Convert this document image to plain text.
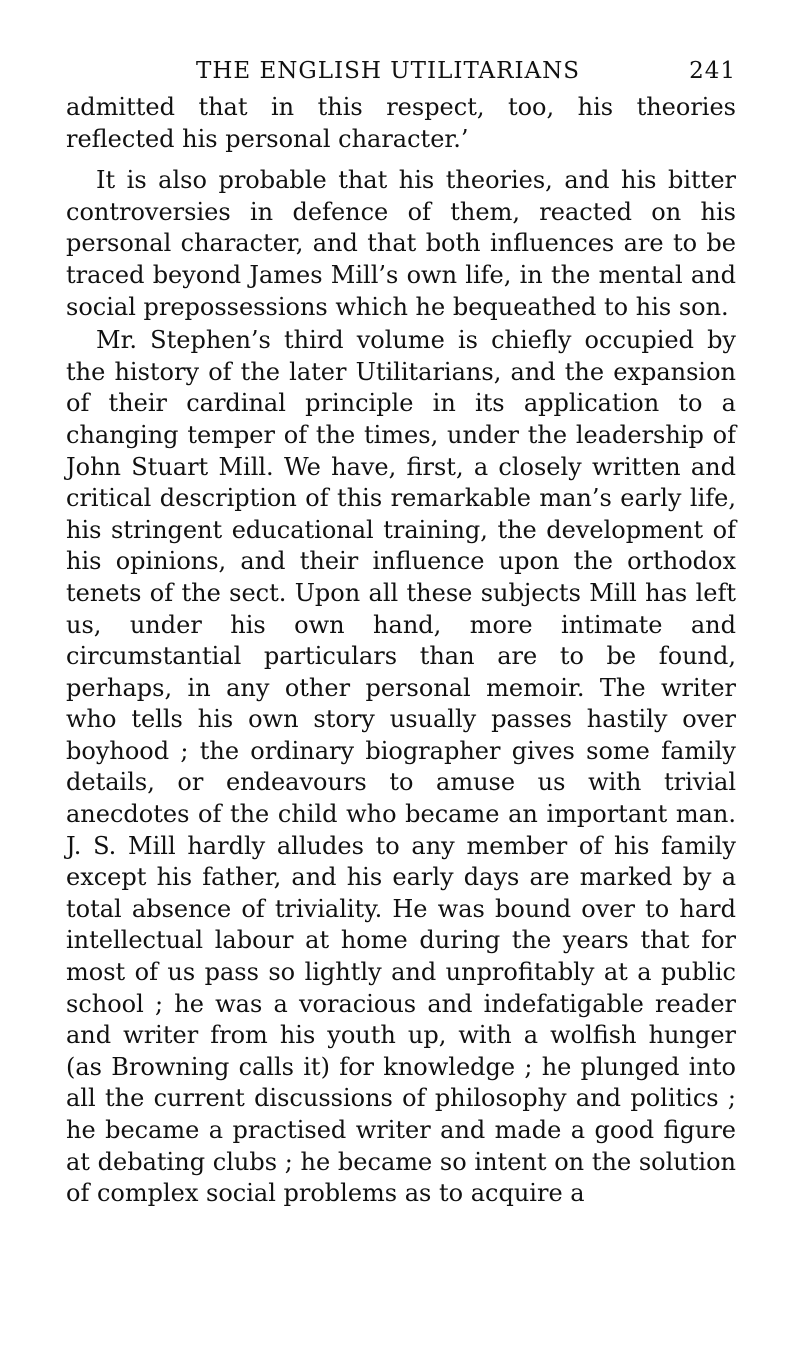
THE ENGLISH UTILITARIANS	241

admitted that in this respect, too, his theories reflected his personal character.’

It is also probable that his theories, and his bitter controversies in defence of them, reacted on his personal character, and that both influences are to be traced beyond James Mill’s own life, in the mental and social prepossessions which he bequeathed to his son.

Mr. Stephen’s third volume is chiefly occupied by the history of the later Utilitarians, and the expansion of their cardinal principle in its application to a changing temper of the times, under the leadership of John Stuart Mill. We have, first, a closely written and critical description of this remarkable man’s early life, his stringent educational training, the development of his opinions, and their influence upon the orthodox tenets of the sect. Upon all these subjects Mill has left us, under his own hand, more intimate and circumstantial particulars than are to be found, perhaps, in any other personal memoir. The writer who tells his own story usually passes hastily over boyhood ; the ordinary biographer gives some family details, or endeavours to amuse us with trivial anecdotes of the child who became an important man. J. S. Mill hardly alludes to any member of his family except his father, and his early days are marked by a total absence of triviality. He was bound over to hard intellectual labour at home during the years that for most of us pass so lightly and unprofitably at a public school ; he was a voracious and indefatigable reader and writer from his youth up, with a wolfish hunger (as Browning calls it) for knowledge ; he plunged into all the current discussions of philosophy and politics ; he became a practised writer and made a good figure at debating clubs ; he became so intent on the solution of complex social problems as to acquire a
